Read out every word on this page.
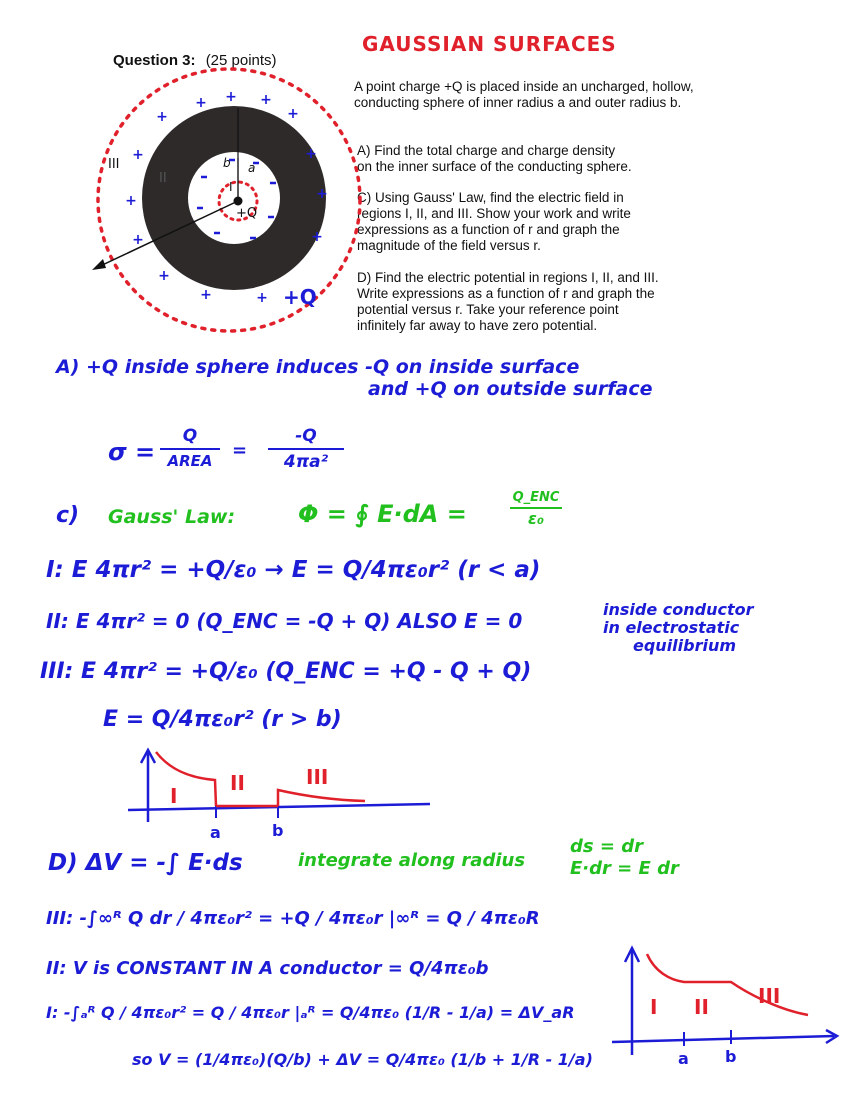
Question 3: (25 points)
GAUSSIAN SURFACES
A point charge +Q is placed inside an uncharged, hollow,
conducting sphere of inner radius a and outer radius b.
A) Find the total charge and charge density
on the inner surface of the conducting sphere.
C) Using Gauss' Law, find the electric field in
regions I, II, and III. Show your work and write
expressions as a function of r and graph the
magnitude of the field versus r.
D) Find the electric potential in regions I, II, and III.
Write expressions as a function of r and graph the
potential versus r. Take your reference point
infinitely far away to have zero potential.
+ + +
+
+
+
+
+
+
+	+
+
+
+
III
II
I
b a
+Q
+Q
A) +Q inside sphere induces -Q on inside surface
and +Q on outside surface
σ =
Q
AREA	= $\frac{-Q}{\text{4πa²}}$
c) Gauss' Law:	Φ = ∮ E·dA =
Q_ENC
ε₀
I: E 4πr² = +Q/ε₀ → E = Q/4πε₀r² (r < a)
II: E 4πr² = 0 (Q_ENC = -Q + Q) ALSO E = 0	inside conductor
in electrostatic
equilibrium
III: E 4πr² = +Q/ε₀ (Q_ENC = +Q - Q + Q)
E = Q/4πε₀r² (r > b)
I
II	III
a	b
D) ΔV = -∫ E·ds	integrate along radius
ds = dr
E·dr = E dr
III: -∫∞ᴿ Q dr / 4πε₀r² = +Q / 4πε₀r |∞ᴿ = Q / 4πε₀R
II: V is CONSTANT IN A conductor = Q/4πε₀b
I: -∫ₐᴿ Q / 4πε₀r² = Q / 4πε₀r |ₐᴿ = Q/4πε₀ (1/R - 1/a) = ΔV_aR
so V = (1/4πε₀)(Q/b) + ΔV = Q/4πε₀ (1/b + 1/R - 1/a)
I II III
a b
